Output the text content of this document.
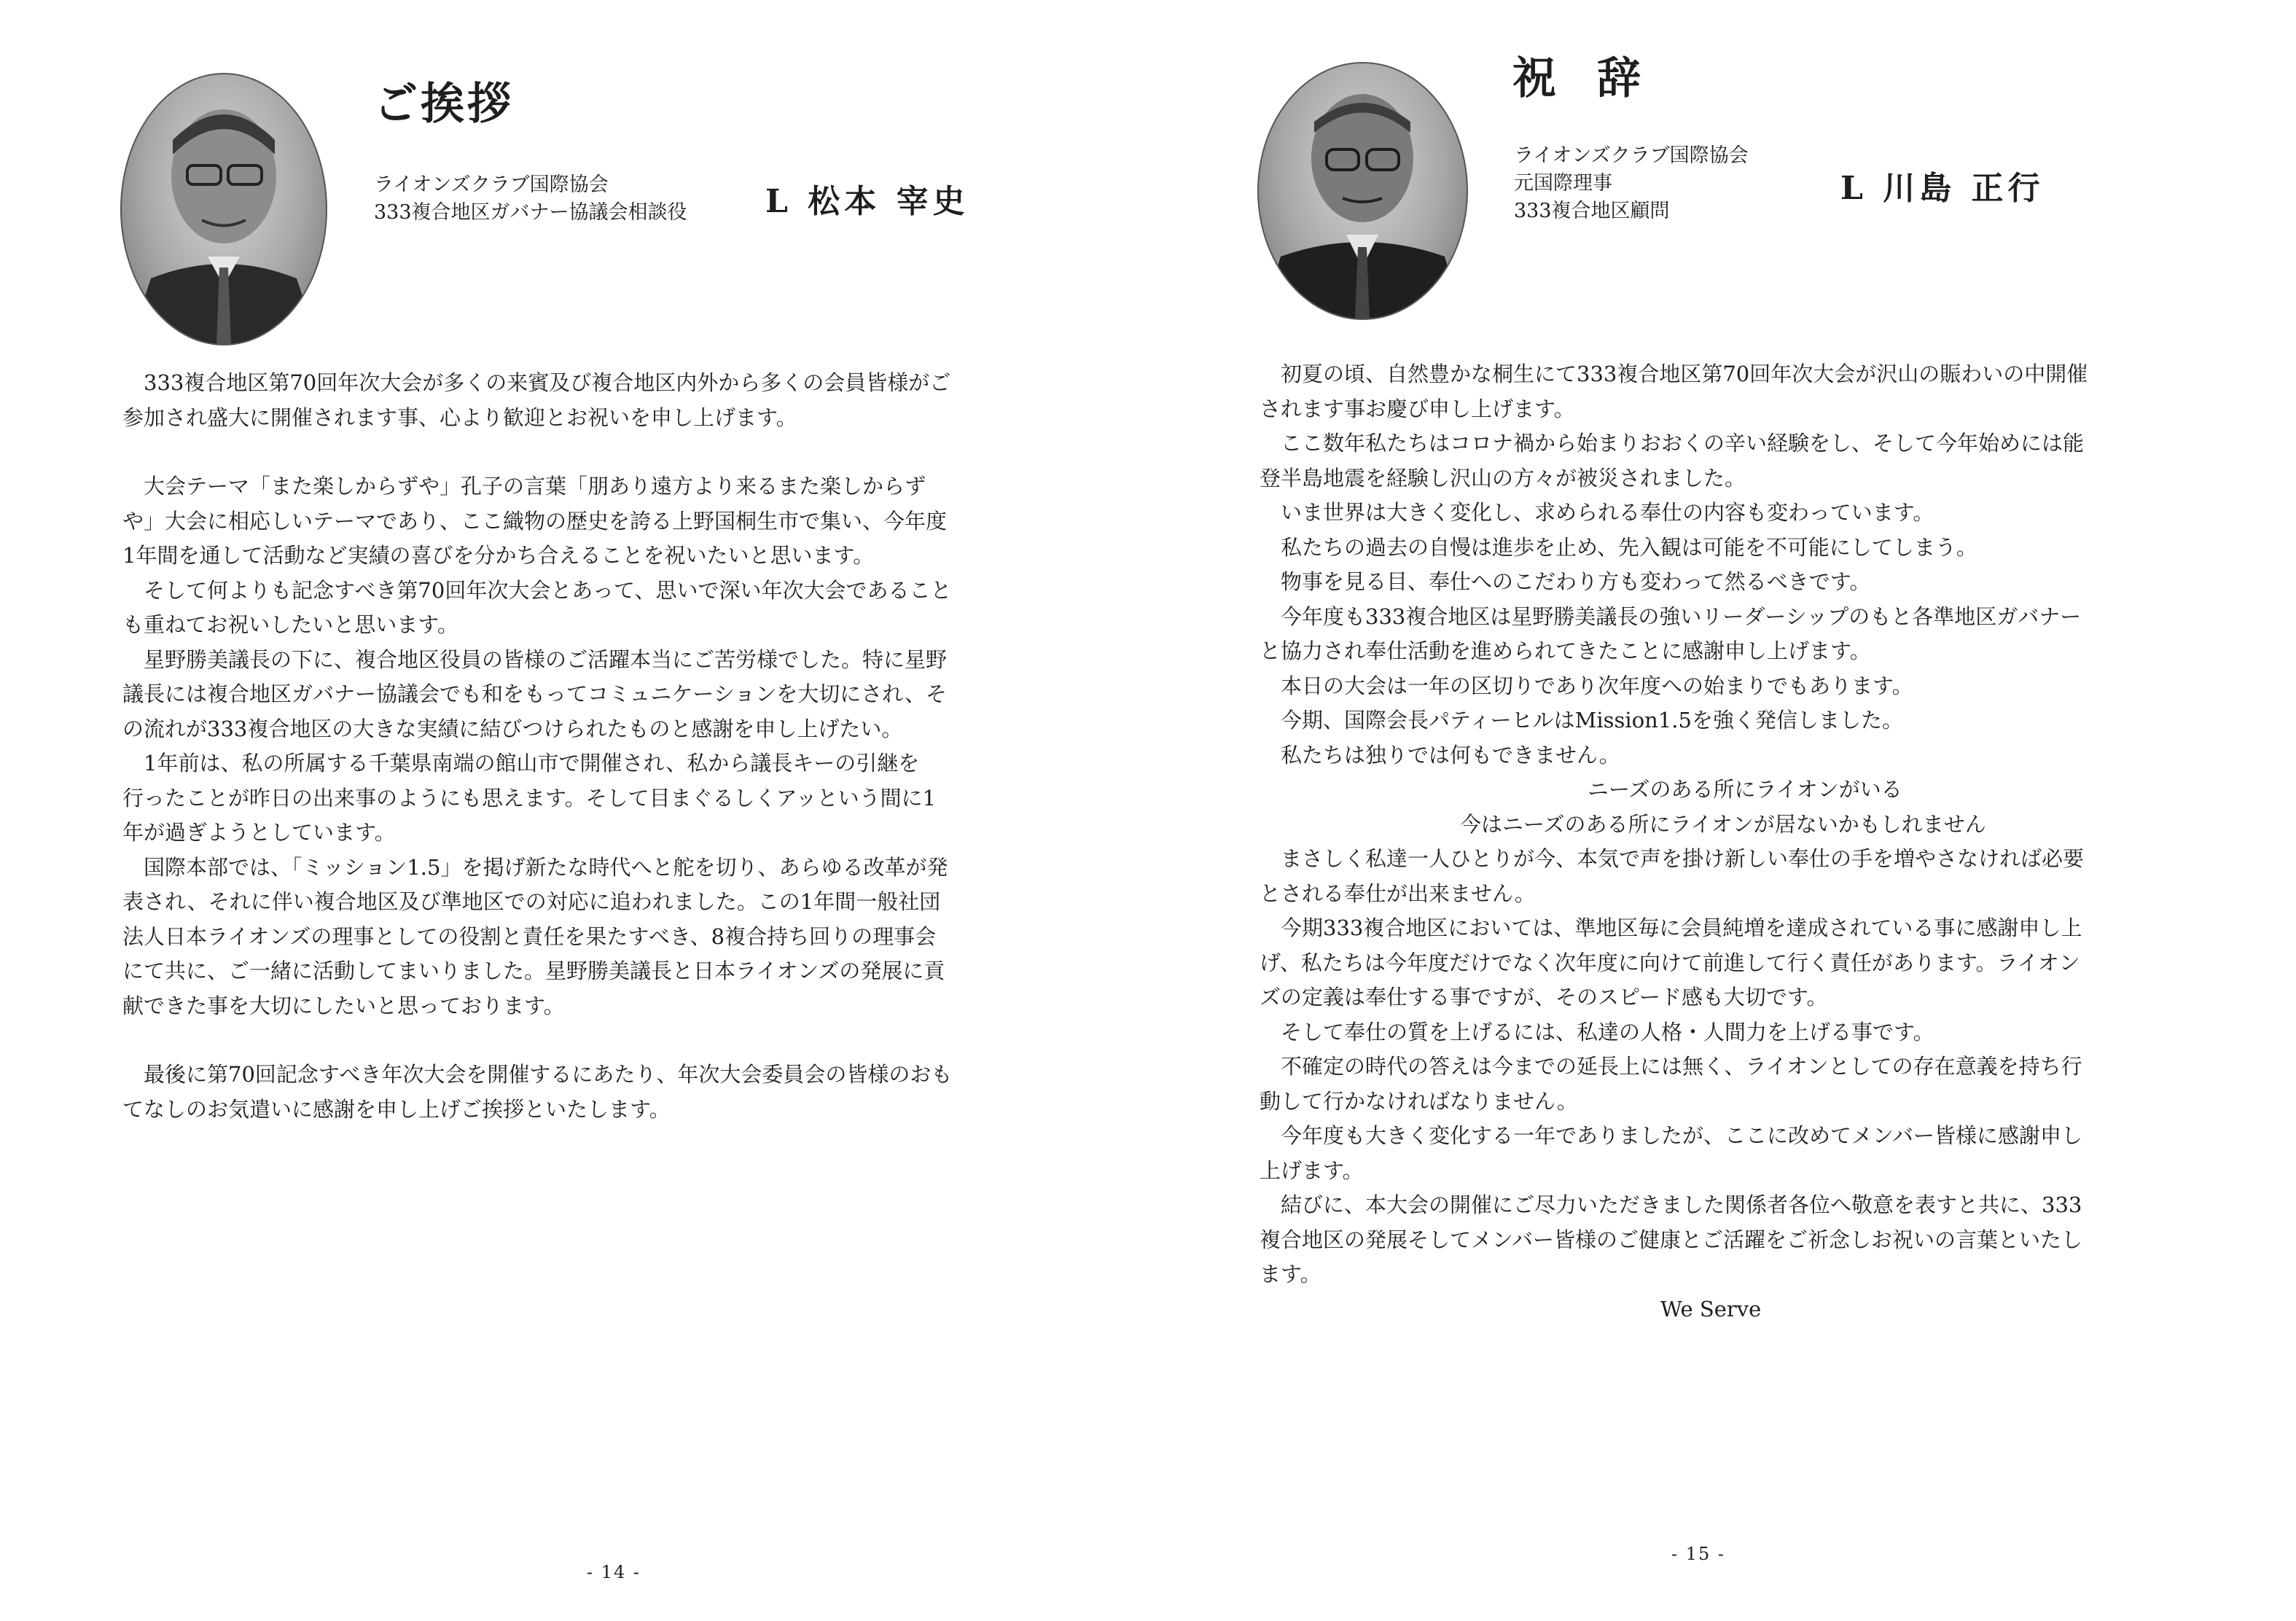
ご挨拶
ライオンズクラブ国際協会
333複合地区ガバナー協議会相談役 L 松本 宰史

333複合地区第70回年次大会が多くの来賓及び複合地区内外から多くの会員皆様がご

参加され盛大に開催されます事、心より歓迎とお祝いを申し上げます。

大会テーマ「また楽しからずや」孔子の言葉「朋あり遠方より来るまた楽しからず

や」大会に相応しいテーマであり、ここ織物の歴史を誇る上野国桐生市で集い、今年度

1年間を通して活動など実績の喜びを分かち合えることを祝いたいと思います。

そして何よりも記念すべき第70回年次大会とあって、思いで深い年次大会であること

も重ねてお祝いしたいと思います。

星野勝美議長の下に、複合地区役員の皆様のご活躍本当にご苦労様でした。特に星野

議長には複合地区ガバナー協議会でも和をもってコミュニケーションを大切にされ、そ

の流れが333複合地区の大きな実績に結びつけられたものと感謝を申し上げたい。

1年前は、私の所属する千葉県南端の館山市で開催され、私から議長キーの引継を

行ったことが昨日の出来事のようにも思えます。そして目まぐるしくアッという間に1

年が過ぎようとしています。

国際本部では、「ミッション1.5」を掲げ新たな時代へと舵を切り、あらゆる改革が発

表され、それに伴い複合地区及び準地区での対応に追われました。この1年間一般社団

法人日本ライオンズの理事としての役割と責任を果たすべき、8複合持ち回りの理事会

にて共に、ご一緒に活動してまいりました。星野勝美議長と日本ライオンズの発展に貢

献できた事を大切にしたいと思っております。

最後に第70回記念すべき年次大会を開催するにあたり、年次大会委員会の皆様のおも

てなしのお気遣いに感謝を申し上げご挨拶といたします。

- 14 -
祝辞
ライオンズクラブ国際協会
元国際理事
333複合地区顧問
L 川島 正行

初夏の頃、自然豊かな桐生にて333複合地区第70回年次大会が沢山の賑わいの中開催

されます事お慶び申し上げます。

ここ数年私たちはコロナ禍から始まりおおくの辛い経験をし、そして今年始めには能

登半島地震を経験し沢山の方々が被災されました。

いま世界は大きく変化し、求められる奉仕の内容も変わっています。

私たちの過去の自慢は進歩を止め、先入観は可能を不可能にしてしまう。

物事を見る目、奉仕へのこだわり方も変わって然るべきです。

今年度も333複合地区は星野勝美議長の強いリーダーシップのもと各準地区ガバナー

と協力され奉仕活動を進められてきたことに感謝申し上げます。

本日の大会は一年の区切りであり次年度への始まりでもあります。

今期、国際会長パティーヒルはMission1.5を強く発信しました。

私たちは独りでは何もできません。

ニーズのある所にライオンがいる

今はニーズのある所にライオンが居ないかもしれません

まさしく私達一人ひとりが今、本気で声を掛け新しい奉仕の手を増やさなければ必要

とされる奉仕が出来ません。

今期333複合地区においては、準地区毎に会員純増を達成されている事に感謝申し上

げ、私たちは今年度だけでなく次年度に向けて前進して行く責任があります。ライオン

ズの定義は奉仕する事ですが、そのスピード感も大切です。

そして奉仕の質を上げるには、私達の人格・人間力を上げる事です。

不確定の時代の答えは今までの延長上には無く、ライオンとしての存在意義を持ち行

動して行かなければなりません。

今年度も大きく変化する一年でありましたが、ここに改めてメンバー皆様に感謝申し

上げます。

結びに、本大会の開催にご尽力いただきました関係者各位へ敬意を表すと共に、333

複合地区の発展そしてメンバー皆様のご健康とご活躍をご祈念しお祝いの言葉といたし

ます。

We Serve

- 15 -
